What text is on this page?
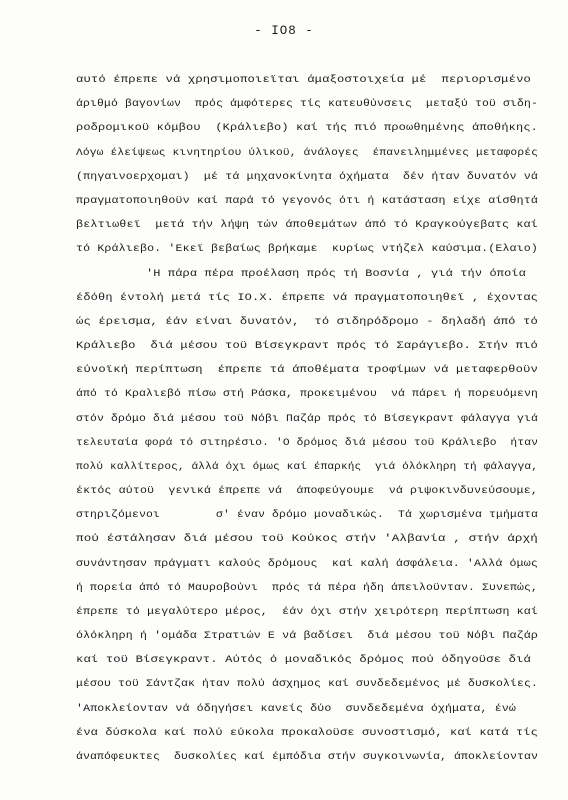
- IO8 -
αυτό έπρεπε νά χρησιμοποιεϊται άμαξοστοιχεία μέ  περιορισμένο
άριθμό βαγονίων  πρός άμφότερες τίς κατευθύνσεις  μεταξύ τοϋ σιδη-
ροδρομικοϋ κόμβου  (Κράλιεβο) καί τής πιό προωθημένης άποθήκης.
Λόγω έλείψεως κινητηρίου ύλικοϋ, άνάλογες  έπανειλημμένες μεταφορές
(πηγαινοερχομαι)  μέ τά μηχανοκίνητα όχήματα  δέν ήταν δυνατόν νά
πραγματοποιηθοϋν καί παρά τό γεγονός ότι ή κατάσταση είχε αίσθητά
βελτιωθεϊ  μετά τήν λήψη τών άποθεμάτων άπό τό Κραγκούγεβατς καί
τό Κράλιεβο. 'Εκεϊ βεβαίως βρήκαμε  κυρίως ντήζελ καύσιμα.(Ελαιο)
'Η πάρα πέρα προέλαση πρός τή Βοσνία , γιά τήν όποία
έδόθη έντολή μετά τίς ΙΟ.Χ. έπρεπε νά πραγματοποιηθεϊ , έχοντας
ώς έρεισμα, έάν είναι δυνατόν,  τό σιδηρόδρομο - δηλαδή άπό τό
Κράλιεβο  διά μέσου τοϋ Βίσεγκραντ πρός τό Σαράγιεβο. Στήν πιό
εύνοϊκή περίπτωση  έπρεπε τά άποθέματα τροφίμων νά μεταφερθοϋν
άπό τό Κραλιεβό πίσω στή Ράσκα, προκειμένου  νά πάρει ή πορευόμενη
στόν δρόμο διά μέσου τοϋ Νόβι Παζάρ πρός τό Βίσεγκραντ φάλαγγα γιά
τελευταία φορά τό σιτηρέσιο. 'Ο δρόμος διά μέσου τοϋ Κράλιεβο  ήταν
πολύ καλλίτερος, άλλά όχι όμως καί έπαρκής  γιά όλόκληρη τή φάλαγγα,
έκτός αύτοϋ  γενικά έπρεπε νά  άποφεύγουμε  νά ριψοκινδυνεύσουμε,
στηριζόμενοι        σ' έναν δρόμο μοναδικώς.  Τά χωρισμένα τμήματα
πού έστάλησαν διά μέσου τοϋ Κούκος στήν 'Αλβανία , στήν άρχή
συνάντησαν πράγματι καλούς δρόμους  καί καλή άσφάλεια. 'Αλλά όμως
ή πορεία άπό τό Μαυροβούνι  πρός τά πέρα ήδη άπειλοϋνταν. Συνεπώς,
έπρεπε τό μεγαλύτερο μέρος,  έάν όχι στήν χειρότερη περίπτωση καί
όλόκληρη ή 'ομάδα Στρατιών Ε νά βαδίσει  διά μέσου τοϋ Νόβι Παζάρ
καί τοϋ Βίσεγκραντ. Αύτός ό μοναδικός δρόμος πού όδηγοϋσε διά
μέσου τοϋ Σάντζακ ήταν πολύ άσχημος καί συνδεδεμένος μέ δυσκολίες.
'Αποκλείονταν νά όδηγήσει κανείς δύο  συνδεδεμένα όχήματα, ένώ
ένα δύσκολα καί πολύ εύκολα προκαλοϋσε συνοστισμό, καί κατά τίς
άναπόφευκτες  δυσκολίες καί έμπόδια στήν συγκοινωνία, άποκλείονταν
